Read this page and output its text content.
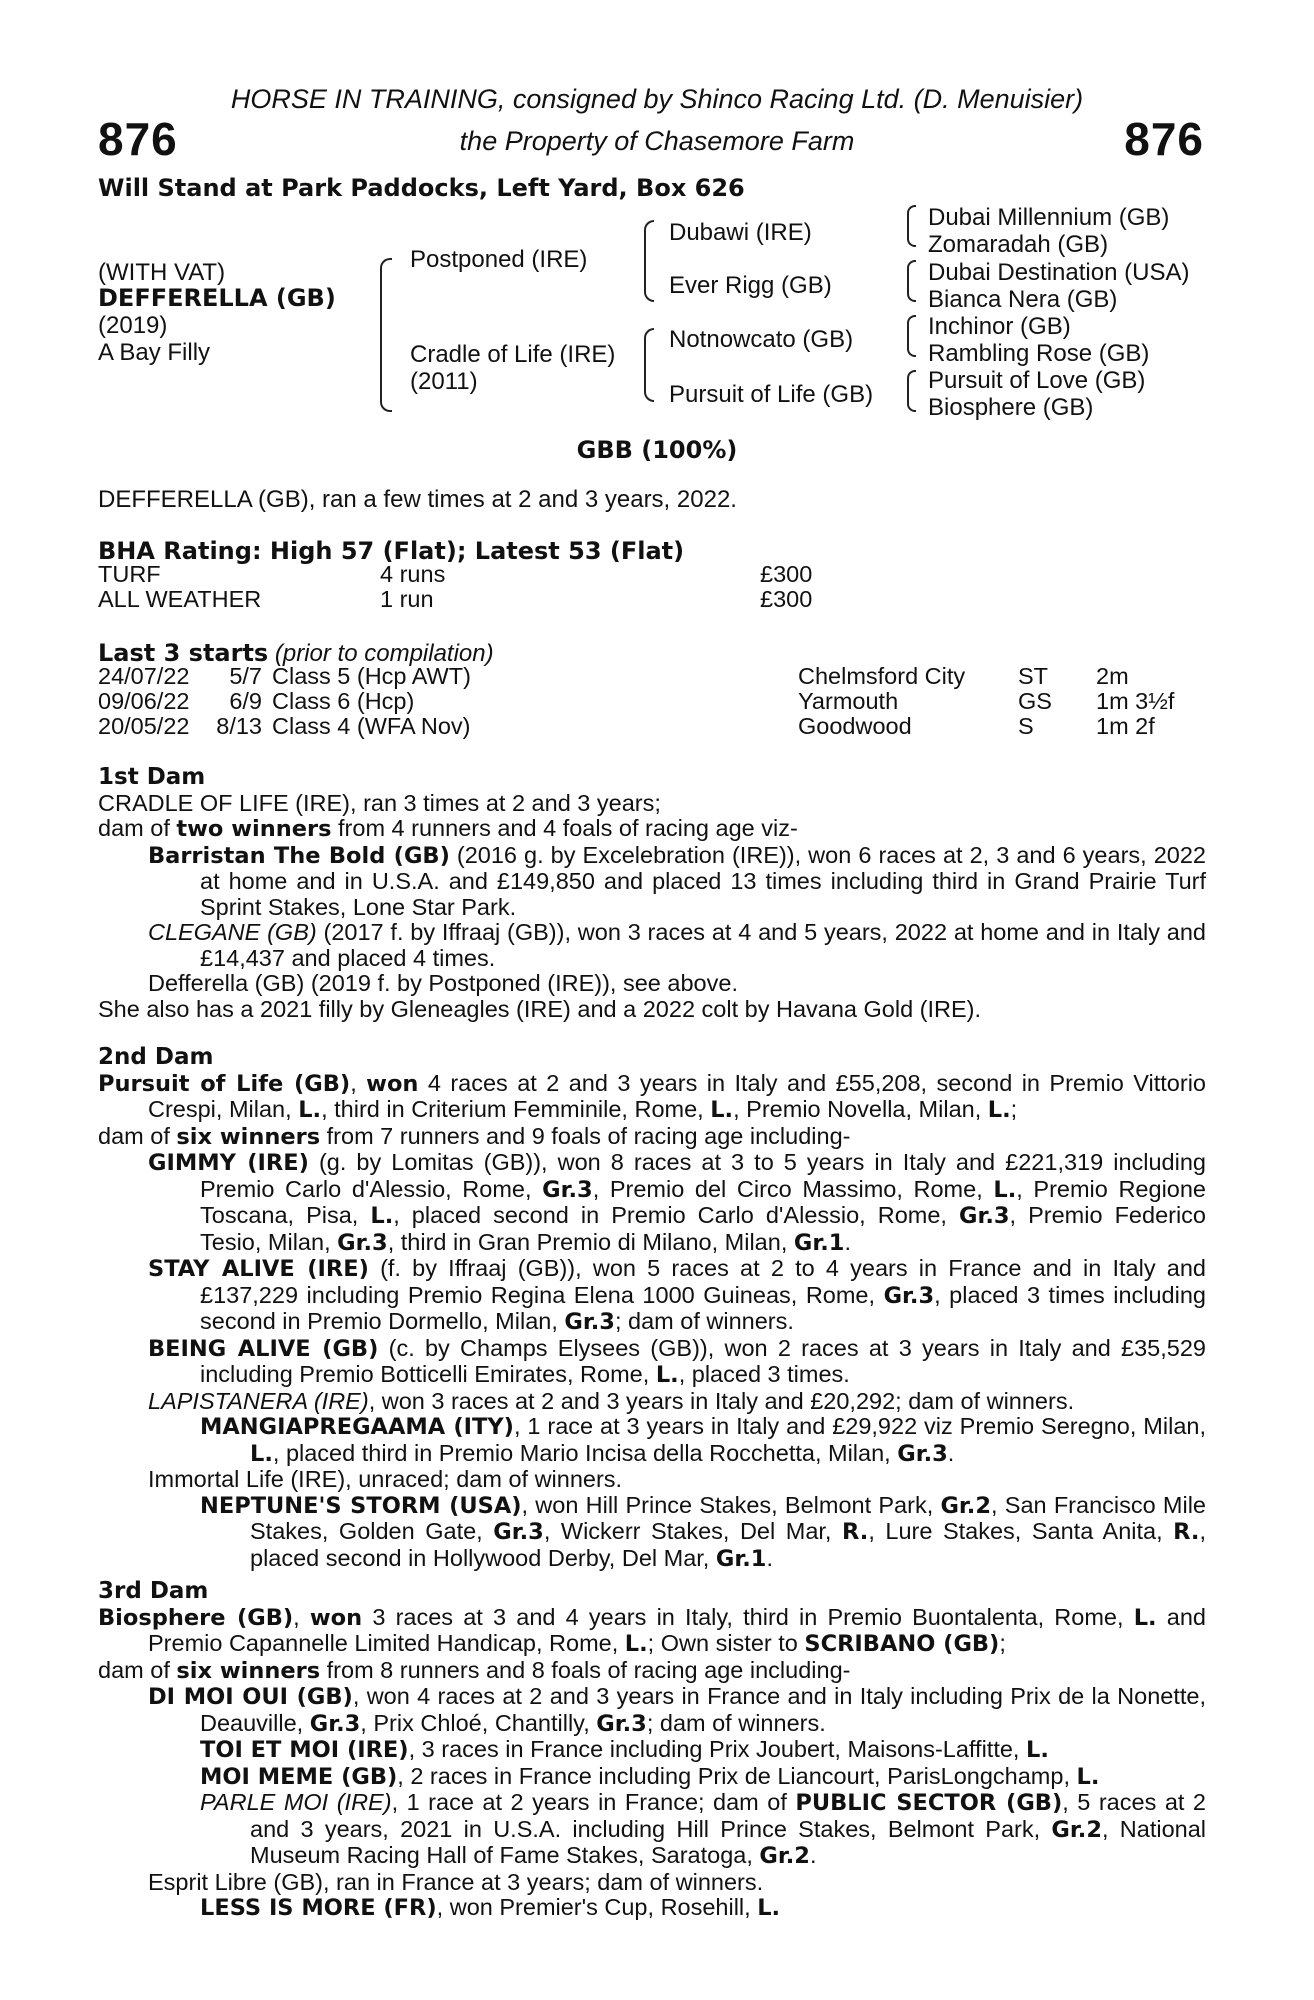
876	876
HORSE IN TRAINING, consigned by Shinco Racing Ltd. (D. Menuisier)
the Property of Chasemore Farm
Will Stand at Park Paddocks, Left Yard, Box 626
(WITH VAT)
DEFFERELLA (GB)
(2019)
A Bay Filly
Postponed (IRE)
Cradle of Life (IRE)
(2011)
Dubawi (IRE)
Ever Rigg (GB)
Notnowcato (GB)
Pursuit of Life (GB)
Dubai Millennium (GB)
Zomaradah (GB)
Dubai Destination (USA)
Bianca Nera (GB)
Inchinor (GB)
Rambling Rose (GB)
Pursuit of Love (GB)
Biosphere (GB)
GBB (100%)
DEFFERELLA (GB), ran a few times at 2 and 3 years, 2022.
BHA Rating: High 57 (Flat); Latest 53 (Flat)
TURF	4 runs	£300
ALL WEATHER	1 run	£300
Last 3 starts (prior to compilation)
24/07/22	5/7	Class 5 (Hcp AWT)	Chelmsford City	ST	2m
09/06/22	6/9	Class 6 (Hcp)	Yarmouth	GS	1m 3½f
20/05/22	8/13	Class 4 (WFA Nov)	Goodwood	S	1m 2f

1st Dam

CRADLE OF LIFE (IRE), ran 3 times at 2 and 3 years;

dam of two winners from 4 runners and 4 foals of racing age viz-

Barristan The Bold (GB) (2016 g. by Excelebration (IRE)), won 6 races at 2, 3 and 6 years, 2022 at home and in U.S.A. and £149,850 and placed 13 times including third in Grand Prairie Turf Sprint Stakes, Lone Star Park.

CLEGANE (GB) (2017 f. by Iffraaj (GB)), won 3 races at 4 and 5 years, 2022 at home and in Italy and £14,437 and placed 4 times.

Defferella (GB) (2019 f. by Postponed (IRE)), see above.

She also has a 2021 filly by Gleneagles (IRE) and a 2022 colt by Havana Gold (IRE).

2nd Dam

Pursuit of Life (GB), won 4 races at 2 and 3 years in Italy and £55,208, second in Premio Vittorio Crespi, Milan, L., third in Criterium Femminile, Rome, L., Premio Novella, Milan, L.;

dam of six winners from 7 runners and 9 foals of racing age including-

GIMMY (IRE) (g. by Lomitas (GB)), won 8 races at 3 to 5 years in Italy and £221,319 including Premio Carlo d'Alessio, Rome, Gr.3, Premio del Circo Massimo, Rome, L., Premio Regione Toscana, Pisa, L., placed second in Premio Carlo d'Alessio, Rome, Gr.3, Premio Federico Tesio, Milan, Gr.3, third in Gran Premio di Milano, Milan, Gr.1.

STAY ALIVE (IRE) (f. by Iffraaj (GB)), won 5 races at 2 to 4 years in France and in Italy and £137,229 including Premio Regina Elena 1000 Guineas, Rome, Gr.3, placed 3 times including second in Premio Dormello, Milan, Gr.3; dam of winners.

BEING ALIVE (GB) (c. by Champs Elysees (GB)), won 2 races at 3 years in Italy and £35,529 including Premio Botticelli Emirates, Rome, L., placed 3 times.

LAPISTANERA (IRE), won 3 races at 2 and 3 years in Italy and £20,292; dam of winners.

MANGIAPREGAAMA (ITY), 1 race at 3 years in Italy and £29,922 viz Premio Seregno, Milan, L., placed third in Premio Mario Incisa della Rocchetta, Milan, Gr.3.

Immortal Life (IRE), unraced; dam of winners.

NEPTUNE'S STORM (USA), won Hill Prince Stakes, Belmont Park, Gr.2, San Francisco Mile Stakes, Golden Gate, Gr.3, Wickerr Stakes, Del Mar, R., Lure Stakes, Santa Anita, R., placed second in Hollywood Derby, Del Mar, Gr.1.

3rd Dam

Biosphere (GB), won 3 races at 3 and 4 years in Italy, third in Premio Buontalenta, Rome, L. and Premio Capannelle Limited Handicap, Rome, L.; Own sister to SCRIBANO (GB);

dam of six winners from 8 runners and 8 foals of racing age including-

DI MOI OUI (GB), won 4 races at 2 and 3 years in France and in Italy including Prix de la Nonette, Deauville, Gr.3, Prix Chloé, Chantilly, Gr.3; dam of winners.

TOI ET MOI (IRE), 3 races in France including Prix Joubert, Maisons-Laffitte, L.

MOI MEME (GB), 2 races in France including Prix de Liancourt, ParisLongchamp, L.

PARLE MOI (IRE), 1 race at 2 years in France; dam of PUBLIC SECTOR (GB), 5 races at 2 and 3 years, 2021 in U.S.A. including Hill Prince Stakes, Belmont Park, Gr.2, National Museum Racing Hall of Fame Stakes, Saratoga, Gr.2.

Esprit Libre (GB), ran in France at 3 years; dam of winners.

LESS IS MORE (FR), won Premier's Cup, Rosehill, L.
